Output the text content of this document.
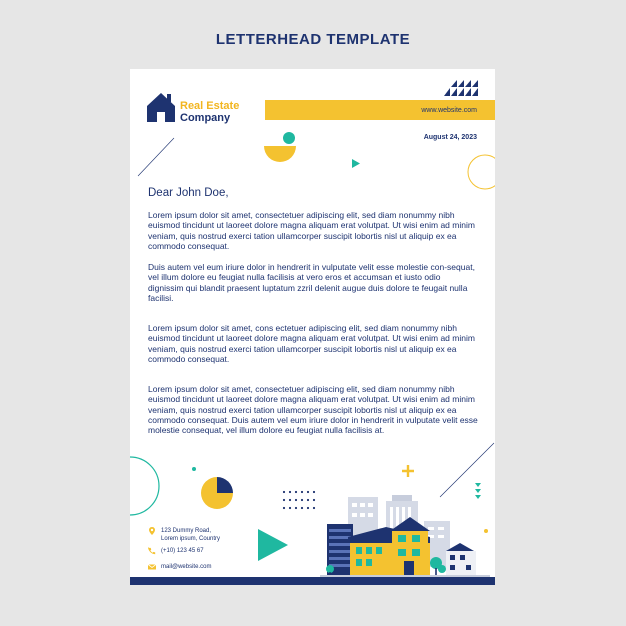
LETTERHEAD TEMPLATE
Real Estate
Company
www.website.com
August 24, 2023
Dear John Doe,

Lorem ipsum dolor sit amet, consectetuer adipiscing elit, sed diam nonummy nibh euismod tincidunt ut laoreet dolore magna aliquam erat volutpat. Ut wisi enim ad minim veniam, quis nostrud exerci tation ullamcorper suscipit lobortis nisl ut aliquip ex ea commodo consequat.

Duis autem vel eum iriure dolor in hendrerit in vulputate velit esse molestie con-sequat, vel illum dolore eu feugiat nulla facilisis at vero eros et accumsan et iusto odio dignissim qui blandit praesent luptatum zzril delenit augue duis dolore te feugait nulla facilisi.

Lorem ipsum dolor sit amet, cons ectetuer adipiscing elit, sed diam nonummy nibh euismod tincidunt ut laoreet dolore magna aliquam erat volutpat. Ut wisi enim ad minim veniam, quis nostrud exerci tation ullamcorper suscipit lobortis nisl ut aliquip ex ea commodo consequat.

Lorem ipsum dolor sit amet, consectetuer adipiscing elit, sed diam nonummy nibh euismod tincidunt ut laoreet dolore magna aliquam erat volutpat. Ut wisi enim ad minim veniam, quis nostrud exerci tation ullamcorper suscipit lobortis nisl ut aliquip ex ea commodo consequat. Duis autem vel eum iriure dolor in hendrerit in vulputate velit esse molestie consequat, vel illum dolore eu feugiat nulla facilisis at.

123 Dummy Road,
Lorem ipsum, Country
(+10) 123 45 67
mail@website.com
